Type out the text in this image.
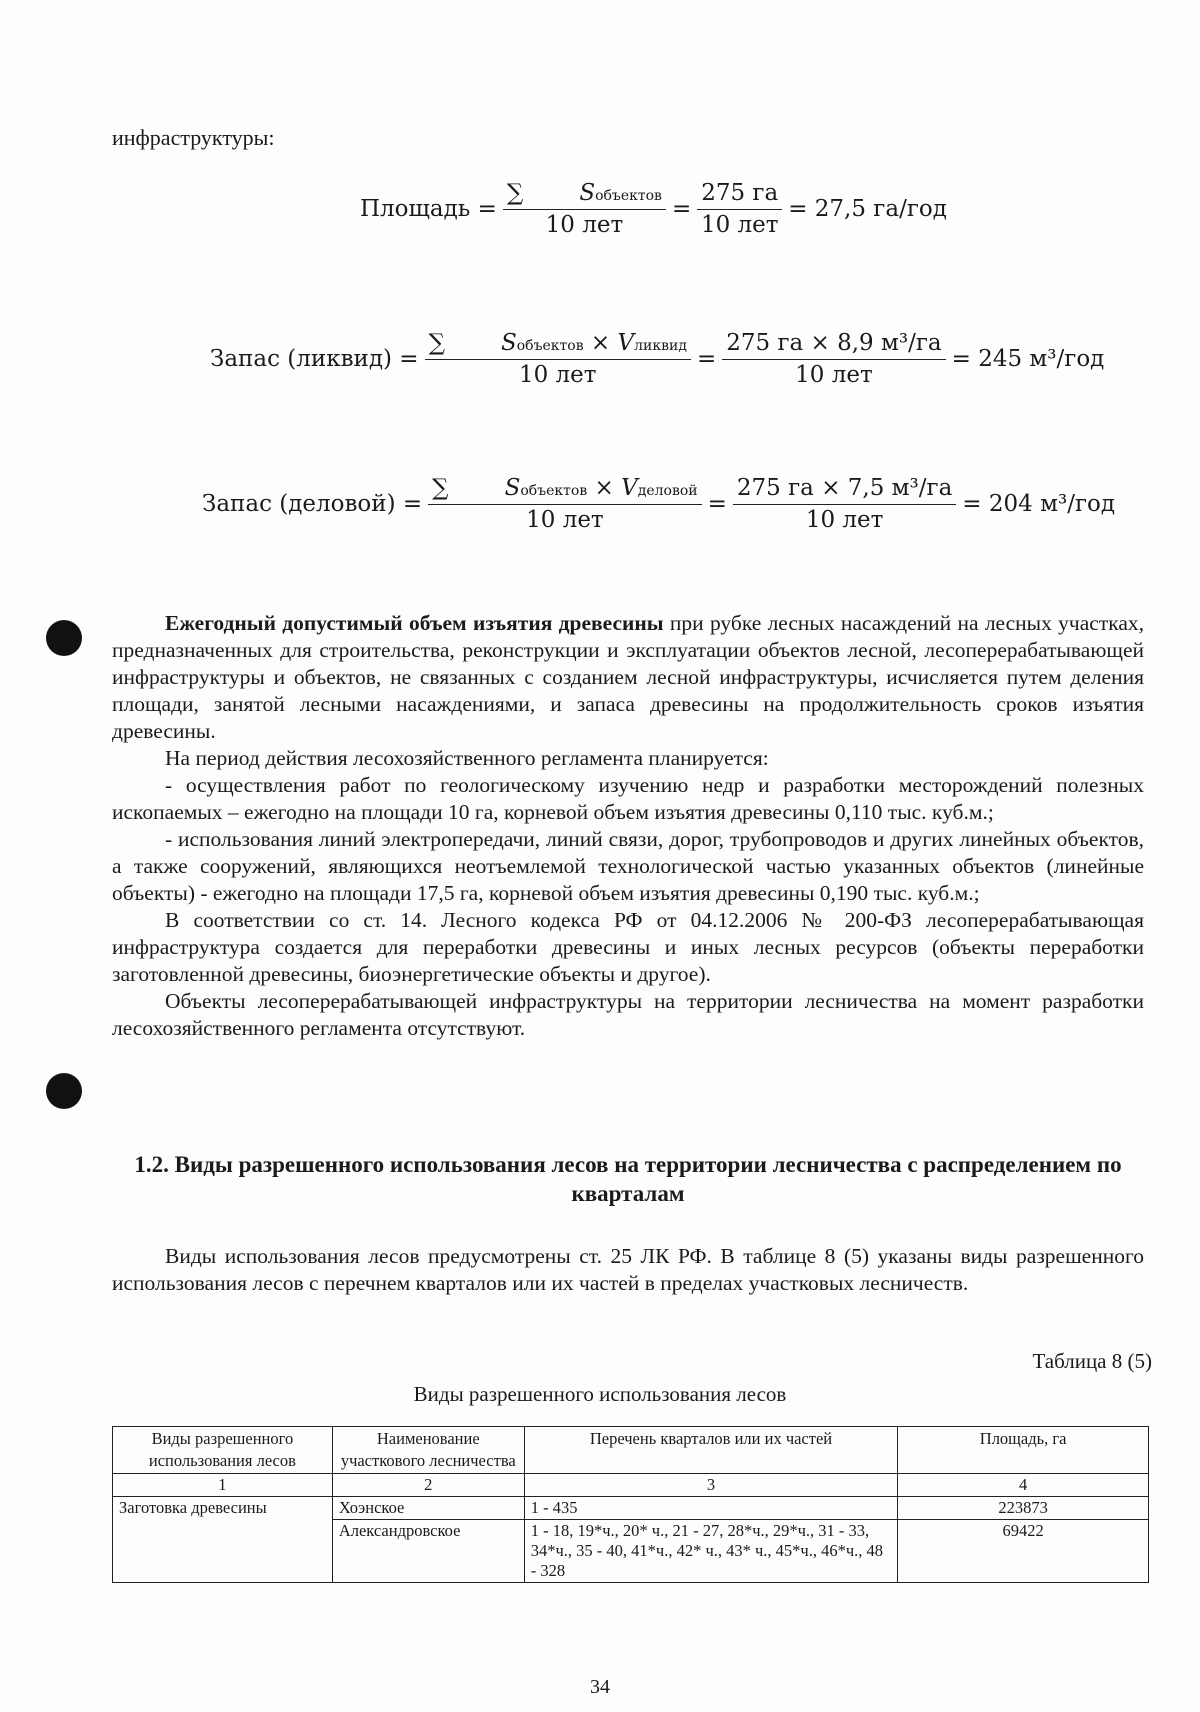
инфраструктуры:
Площадь = $\frac{\text{∑ Sобъектов}}{\text{10 лет}} = \frac{275 га}{\text{10 лет}} = 27,5$ га/год
Запас (ликвид) = $\frac{\text{∑ Sобъектов × Vликвид}}{\text{10 лет}} = \frac{\text{275 га × 8,9 м³/га}}{\text{10 лет}} = 245$ м³/год
Запас (деловой) = $\frac{\text{∑ Sобъектов × Vделовой}}{\text{10 лет}} = \frac{\text{275 га × 7,5 м³/га}}{\text{10 лет}} = 204$ м³/год

Ежегодный допустимый объем изъятия древесины при рубке лесных насаждений на лесных участках, предназначенных для строительства, реконструкции и эксплуатации объектов лесной, лесоперерабатывающей инфраструктуры и объектов, не связанных с созданием лесной инфраструктуры, исчисляется путем деления площади, занятой лесными насаждениями, и запаса древесины на продолжительность сроков изъятия древесины.

На период действия лесохозяйственного регламента планируется:

- осуществления работ по геологическому изучению недр и разработки месторождений полезных ископаемых – ежегодно на площади 10 га, корневой объем изъятия древесины 0,110 тыс. куб.м.;

- использования линий электропередачи, линий связи, дорог, трубопроводов и других линейных объектов, а также сооружений, являющихся неотъемлемой технологической частью указанных объектов (линейные объекты) - ежегодно на площади 17,5 га, корневой объем изъятия древесины 0,190 тыс. куб.м.;

В соответствии со ст. 14. Лесного кодекса РФ от 04.12.2006 № 200-ФЗ лесоперерабатывающая инфраструктура создается для переработки древесины и иных лесных ресурсов (объекты переработки заготовленной древесины, биоэнергетические объекты и другое).

Объекты лесоперерабатывающей инфраструктуры на территории лесничества на момент разработки лесохозяйственного регламента отсутствуют.

1.2. Виды разрешенного использования лесов на территории лесничества с распределением по кварталам

Виды использования лесов предусмотрены ст. 25 ЛК РФ. В таблице 8 (5) указаны виды разрешенного использования лесов с перечнем кварталов или их частей в пределах участковых лесничеств.

Таблица 8 (5)
Виды разрешенного использования лесов
Виды разрешенного использования лесов	Наименование участкового лесничества	Перечень кварталов или их частей	Площадь, га
1	2	3	4
Заготовка древесины	Хоэнское	1 - 435	223873
	Александровское	1 - 18, 19*ч., 20* ч., 21 - 27, 28*ч., 29*ч., 31 - 33, 34*ч., 35 - 40, 41*ч., 42* ч., 43* ч., 45*ч., 46*ч., 48 - 328	69422
34
